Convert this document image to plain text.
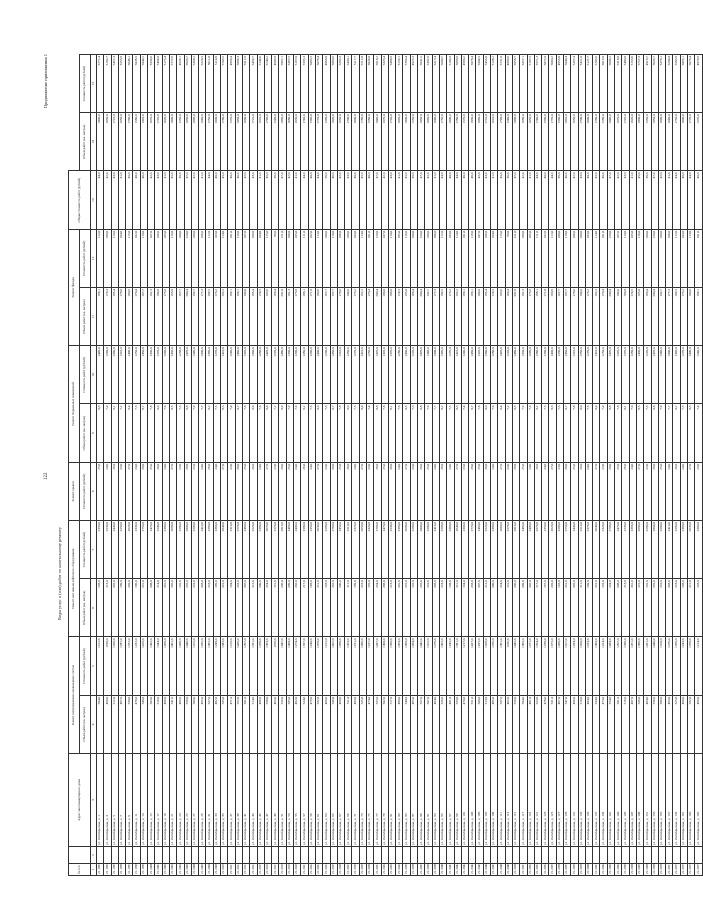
122
Продолжение приложения 1
Виды услуг и (или) работ по капитальному ремонту
№ п/п		Адрес многоквартирного дома	Ремонт внутридомовых инженерных систем		Ремонт или замена лифтового оборудования		Ремонт крыши	Ремонт подвальных помещений		Ремонт фасада		Общая стоимость работ (рублей)		
			Объем работ (кв. метров)	Стоимость работ (рублей)	Объем работ (кв. метров)	Стоимость работ (рублей)	Стоимость работ (рублей)	Объем работ (кв. метров)	Стоимость работ (рублей)	Объем работ (кв. метров)	Стоимость работ (рублей)		Объем работ (кв. метров)	Стоимость работ (рублей)
1	2	3	4	5	6	7	8	9	10	11	12	13	14	15
21.1993		ул. Октябрьская, д. 1	584,0	1512,0	198,0	2350,0	25,0	8,0	1440,0	196,1	112,0	44,0	1800,0	5771,4
21.1994		ул. Октябрьская, д. 3	460,0	1190,0	213,0	2530,0	24,0	7,4	1290,0	176,3	108,0	42,0	1630,0	5182,7
21.1995		ул. Октябрьская, д. 5	512,0	1326,0	205,0	2440,0	26,0	8,1	1360,0	185,4	110,0	43,0	1710,0	5457,3
21.1996		ул. Октябрьская, д. 7	497,0	1287,0	189,0	2250,0	23,0	7,2	1310,0	178,6	104,0	41,0	1650,0	5255,8
21.1997		ул. Октябрьская, д. 9	530,0	1372,0	220,0	2620,0	27,0	8,4	1400,0	190,9	115,0	45,0	1760,0	5648,1
21.1998		ул. Октябрьская, д. 11	476,0	1232,0	196,0	2330,0	24,0	7,5	1250,0	170,4	102,0	40,0	1580,0	5038,5
21.1999		ул. Октябрьская, д. 13	548,0	1419,0	231,0	2750,0	28,0	8,7	1450,0	197,7	118,0	46,0	1820,0	5844,2
21.2000		ул. Октябрьская, д. 15	503,0	1302,0	208,0	2470,0	25,0	7,8	1330,0	181,3	107,0	42,0	1670,0	5339,6
21.2001		ул. Октябрьская, д. 17	519,0	1344,0	214,0	2540,0	26,0	8,0	1370,0	186,8	109,0	43,0	1720,0	5494,0
21.2002		ул. Октябрьская, д. 19	489,0	1266,0	201,0	2390,0	24,0	7,6	1290,0	175,9	105,0	41,0	1620,0	5173,4
21.2003		ул. Октябрьская, д. 21	541,0	1401,0	226,0	2690,0	27,0	8,5	1430,0	195,0	116,0	45,0	1800,0	5772,9
21.2004		ул. Октябрьская, д. 23	466,0	1206,0	192,0	2280,0	23,0	7,3	1230,0	167,7	100,0	39,0	1550,0	4936,1
21.2005		ул. Октябрьская, д. 25	556,0	1440,0	235,0	2800,0	28,0	8,8	1470,0	200,4	120,0	47,0	1850,0	5933,7
21.2006		ул. Октябрьская, д. 27	508,0	1315,0	210,0	2500,0	25,0	7,9	1340,0	182,7	108,0	42,0	1690,0	5398,2
21.2007		ул. Октябрьская, д. 29	495,0	1282,0	203,0	2410,0	24,0	7,7	1300,0	177,3	106,0	41,0	1640,0	5226,5
21.2008		ул. Октябрьская, д. 31	527,0	1365,0	218,0	2590,0	26,0	8,2	1390,0	189,5	112,0	44,0	1750,0	5611,0
21.2009		ул. Октябрьская, д. 33	482,0	1248,0	199,0	2360,0	24,0	7,5	1270,0	173,2	103,0	40,0	1600,0	5114,8
21.2010		ул. Октябрьская, д. 35	535,0	1385,0	222,0	2640,0	27,0	8,3	1410,0	192,2	114,0	45,0	1780,0	5703,5
21.2011		ул. Октябрьская, д. 37	471,0	1219,0	194,0	2310,0	23,0	7,4	1240,0	169,1	101,0	40,0	1570,0	4996,4
21.2012		ул. Октябрьская, д. 39	552,0	1429,0	233,0	2770,0	28,0	8,7	1460,0	199,1	119,0	46,0	1830,0	5889,3
21.2013		ул. Октябрьская, д. 41	501,0	1297,0	207,0	2460,0	25,0	7,8	1320,0	180,0	107,0	42,0	1660,0	5312,9
21.2014		ул. Октябрьская, д. 43	514,0	1331,0	212,0	2520,0	26,0	8,0	1360,0	185,4	109,0	43,0	1710,0	5459,7
21.2015		ул. Октябрьская, д. 45	486,0	1258,0	200,0	2380,0	24,0	7,6	1280,0	174,5	104,0	41,0	1610,0	5144,6
21.2016		ул. Октябрьская, д. 47	538,0	1393,0	224,0	2670,0	27,0	8,4	1420,0	193,6	115,0	45,0	1790,0	5740,2
21.2017		ул. Октябрьская, д. 49	463,0	1199,0	191,0	2270,0	23,0	7,2	1220,0	166,4	99,0	39,0	1540,0	4909,8
21.2018		ул. Октябрьская, д. 51	559,0	1447,0	236,0	2810,0	28,0	8,9	1480,0	201,8	121,0	47,0	1860,0	5967,1
21.2019		ул. Октябрьская, д. 53	505,0	1308,0	209,0	2490,0	25,0	7,9	1330,0	181,3	108,0	42,0	1680,0	5367,5
21.2020		ул. Октябрьская, д. 55	492,0	1274,0	202,0	2400,0	24,0	7,6	1290,0	175,9	105,0	41,0	1630,0	5197,0
21.2021		ул. Октябрьская, д. 57	524,0	1357,0	217,0	2580,0	26,0	8,2	1380,0	188,1	111,0	44,0	1740,0	5585,3
21.2022		ул. Октябрьская, д. 59	479,0	1240,0	198,0	2350,0	24,0	7,5	1260,0	171,8	102,0	40,0	1590,0	5085,2
21.2023		ул. Октябрьская, д. 61	532,0	1378,0	221,0	2630,0	27,0	8,3	1400,0	190,9	113,0	44,0	1770,0	5676,4
21.2024		ул. Октябрьская, д. 63	468,0	1212,0	193,0	2290,0	23,0	7,3	1230,0	167,7	100,0	39,0	1560,0	4968,0
21.2025		ул. Октябрьская, д. 65	549,0	1422,0	232,0	2760,0	28,0	8,7	1450,0	197,7	118,0	46,0	1820,0	5860,6
21.2026		ул. Октябрьская, д. 67	498,0	1290,0	206,0	2450,0	25,0	7,8	1310,0	178,6	106,0	42,0	1650,0	5283,3
21.2027		ул. Октябрьская, д. 69	511,0	1323,0	211,0	2510,0	26,0	8,0	1350,0	184,0	108,0	43,0	1700,0	5430,1
21.2028		ул. Октябрьская, д. 71	483,0	1251,0	199,0	2370,0	24,0	7,5	1270,0	173,2	103,0	40,0	1600,0	5117,7
21.2029		ул. Октябрьская, д. 73	535,0	1386,0	223,0	2650,0	27,0	8,4	1410,0	192,2	114,0	45,0	1780,0	5712,0
21.2030		ул. Октябрьская, д. 75	474,0	1227,0	195,0	2320,0	23,0	7,4	1250,0	170,4	101,0	40,0	1580,0	5024,8
21.2031		ул. Октябрьская, д. 77	555,0	1437,0	234,0	2790,0	28,0	8,8	1470,0	200,4	120,0	47,0	1840,0	5918,2
21.2032		ул. Октябрьская, д. 79	502,0	1300,0	208,0	2470,0	25,0	7,8	1320,0	180,0	107,0	42,0	1670,0	5326,4
21.2033		ул. Октябрьская, д. 81	517,0	1339,0	213,0	2530,0	26,0	8,1	1370,0	186,8	110,0	43,0	1720,0	5488,9
21.2034		ул. Октябрьская, д. 83	488,0	1263,0	201,0	2390,0	24,0	7,6	1280,0	174,5	105,0	41,0	1620,0	5159,1
21.2035		ул. Октябрьская, д. 85	540,0	1398,0	225,0	2680,0	27,0	8,5	1430,0	195,0	116,0	45,0	1800,0	5766,4
21.2036		ул. Октябрьская, д. 87	465,0	1204,0	192,0	2280,0	23,0	7,3	1220,0	166,4	100,0	39,0	1550,0	4925,3
21.2037		ул. Октябрьская, д. 89	557,0	1442,0	235,0	2800,0	28,0	8,8	1470,0	200,4	120,0	47,0	1850,0	5941,5
21.2038		ул. Октябрьская, д. 91	507,0	1312,0	210,0	2500,0	25,0	7,9	1340,0	182,7	108,0	42,0	1690,0	5382,9
21.2039		ул. Октябрьская, д. 93	494,0	1279,0	203,0	2410,0	24,0	7,7	1300,0	177,3	106,0	41,0	1640,0	5213,4
21.2040		ул. Октябрьская, д. 95	526,0	1362,0	218,0	2590,0	26,0	8,2	1390,0	189,5	112,0	44,0	1750,0	5600,7
21.2041		ул. Октябрьская, д. 97	481,0	1245,0	198,0	2360,0	24,0	7,5	1270,0	173,2	103,0	40,0	1600,0	5100,3
21.2042		ул. Октябрьская, д. 99	533,0	1381,0	221,0	2640,0	27,0	8,3	1410,0	192,2	114,0	44,0	1780,0	5696,9
21.2043		ул. Октябрьская, д. 101	470,0	1217,0	194,0	2300,0	23,0	7,4	1240,0	169,1	101,0	40,0	1570,0	4986,2
21.2044		ул. Октябрьская, д. 103	551,0	1427,0	233,0	2770,0	28,0	8,7	1460,0	199,1	119,0	46,0	1830,0	5878,4
21.2045		ул. Октябрьская, д. 105	500,0	1295,0	207,0	2460,0	25,0	7,8	1320,0	180,0	107,0	42,0	1660,0	5304,5
21.2046		ул. Октябрьская, д. 107	513,0	1328,0	212,0	2520,0	26,0	8,0	1360,0	185,4	109,0	43,0	1710,0	5453,0
21.2047		ул. Октябрьская, д. 109	485,0	1256,0	200,0	2380,0	24,0	7,6	1280,0	174,5	104,0	41,0	1610,0	5138,2
21.2048		ул. Октябрьская, д. 111	537,0	1391,0	224,0	2660,0	27,0	8,4	1420,0	193,6	115,0	45,0	1790,0	5731,8
21.2049		ул. Октябрьская, д. 113	462,0	1196,0	191,0	2270,0	23,0	7,2	1220,0	166,4	99,0	39,0	1540,0	4899,6
21.2050		ул. Октябрьская, д. 115	558,0	1445,0	236,0	2810,0	28,0	8,9	1480,0	201,8	121,0	47,0	1860,0	5958,7
21.2051		ул. Октябрьская, д. 117	504,0	1305,0	209,0	2490,0	25,0	7,9	1330,0	181,3	108,0	42,0	1680,0	5357,1
21.2052		ул. Октябрьская, д. 119	491,0	1271,0	202,0	2400,0	24,0	7,6	1290,0	175,9	105,0	41,0	1630,0	5187,5
21.2053		ул. Октябрьская, д. 121	523,0	1354,0	217,0	2570,0	26,0	8,2	1380,0	188,1	111,0	44,0	1740,0	5571,3
21.2054		ул. Октябрьская, д. 123	478,0	1238,0	197,0	2350,0	24,0	7,5	1260,0	171,8	102,0	40,0	1590,0	5072,8
21.2055		ул. Октябрьская, д. 125	531,0	1375,0	220,0	2620,0	27,0	8,3	1400,0	190,9	113,0	44,0	1770,0	5660,2
21.2056		ул. Октябрьская, д. 127	467,0	1209,0	193,0	2290,0	23,0	7,3	1230,0	167,7	100,0	39,0	1560,0	4953,0
21.2057		ул. Октябрьская, д. 129	547,0	1417,0	231,0	2750,0	28,0	8,7	1450,0	197,7	118,0	46,0	1820,0	5846,4
21.2058		ул. Октябрьская, д. 131	496,0	1284,0	205,0	2440,0	25,0	7,8	1310,0	178,6	106,0	42,0	1650,0	5267,4
21.2059		ул. Октябрьская, д. 133	510,0	1320,0	211,0	2510,0	26,0	8,0	1350,0	184,0	108,0	43,0	1700,0	5421,0
21.2060		ул. Октябрьская, д. 135	484,0	1253,0	199,0	2370,0	24,0	7,5	1270,0	173,2	103,0	40,0	1600,0	5121,7
21.2061		ул. Октябрьская, д. 137	534,0	1383,0	222,0	2640,0	27,0	8,4	1410,0	192,2	114,0	45,0	1780,0	5705,6
21.2062		ул. Октябрьская, д. 139	473,0	1224,0	195,0	2320,0	23,0	7,4	1250,0	170,4	101,0	40,0	1580,0	5019,8
21.2063		ул. Октябрьская, д. 141	554,0	1434,0	234,0	2790,0	28,0	8,8	1470,0	200,4	120,0	47,0	1840,0	5909,2
21.2064		ул. Октябрьская, д. 143	501,0	1297,0	208,0	2470,0	25,0	7,8	1320,0	180,0	107,0	42,0	1670,0	5318,8
21.2065		ул. Октябрьская, д. 145	516,0	1336,0	213,0	2530,0	26,0	8,1	1370,0	186,8	110,0	43,0	1720,0	5480,0
21.2066		ул. Октябрьская, д. 147	487,0	1261,0	201,0	2390,0	24,0	7,6	1280,0	174,5	105,0	41,0	1620,0	5153,6
21.2067		ул. Октябрьская, д. 149	539,0	1396,0	225,0	2680,0	27,0	8,5	1430,0	195,0	116,0	45,0	1800,0	5757,3
21.2068		ул. Октябрьская, д. 151	464,0	1201,0	192,0	2280,0	23,0	7,3	1220,0	166,4	100,0	39,0	1550,0	4916,7
21.2069		ул. Октябрьская, д. 153	556,0	1440,0	235,0	2800,0	28,0	8,8	1470,0	200,4	120,0	47,0	1850,0	5933,7
21.2070		ул. Октябрьская, д. 155	506,0	1310,0	210,0	2500,0	25,0	7,9	1340,0	182,7	108,0	42,0	1690,0	5376,1
21.2071		ул. Октябрьская, д. 157	493,0	1276,0	203,0	2410,0	24,0	7,7	1300,0	177,3	106,0	41,0	1640,0	5204,8
21.2072		ул. Октябрьская, д. 159	525,0	1359,0	218,0	2590,0	26,0	8,2	1390,0	189,5	112,0	44,0	1750,0	5593,9
21.2073		ул. Октябрьская, д. 161	480,0	1243,0	198,0	2360,0	24,0	7,5	1270,0	173,2	103,0	40,0	1600,0	5095,1
21.2074		ул. Октябрьская, д. 163	532,0	1378,0	221,0	2630,0	27,0	8,3	1400,0	190,9	113,0	44,0	1770,0	5676,4
21.2075		ул. Октябрьская, д. 165	469,0	1214,0	193,0	2300,0	23,0	7,4	1240,0	169,1	101,0	40,0	1570,0	4976,9
